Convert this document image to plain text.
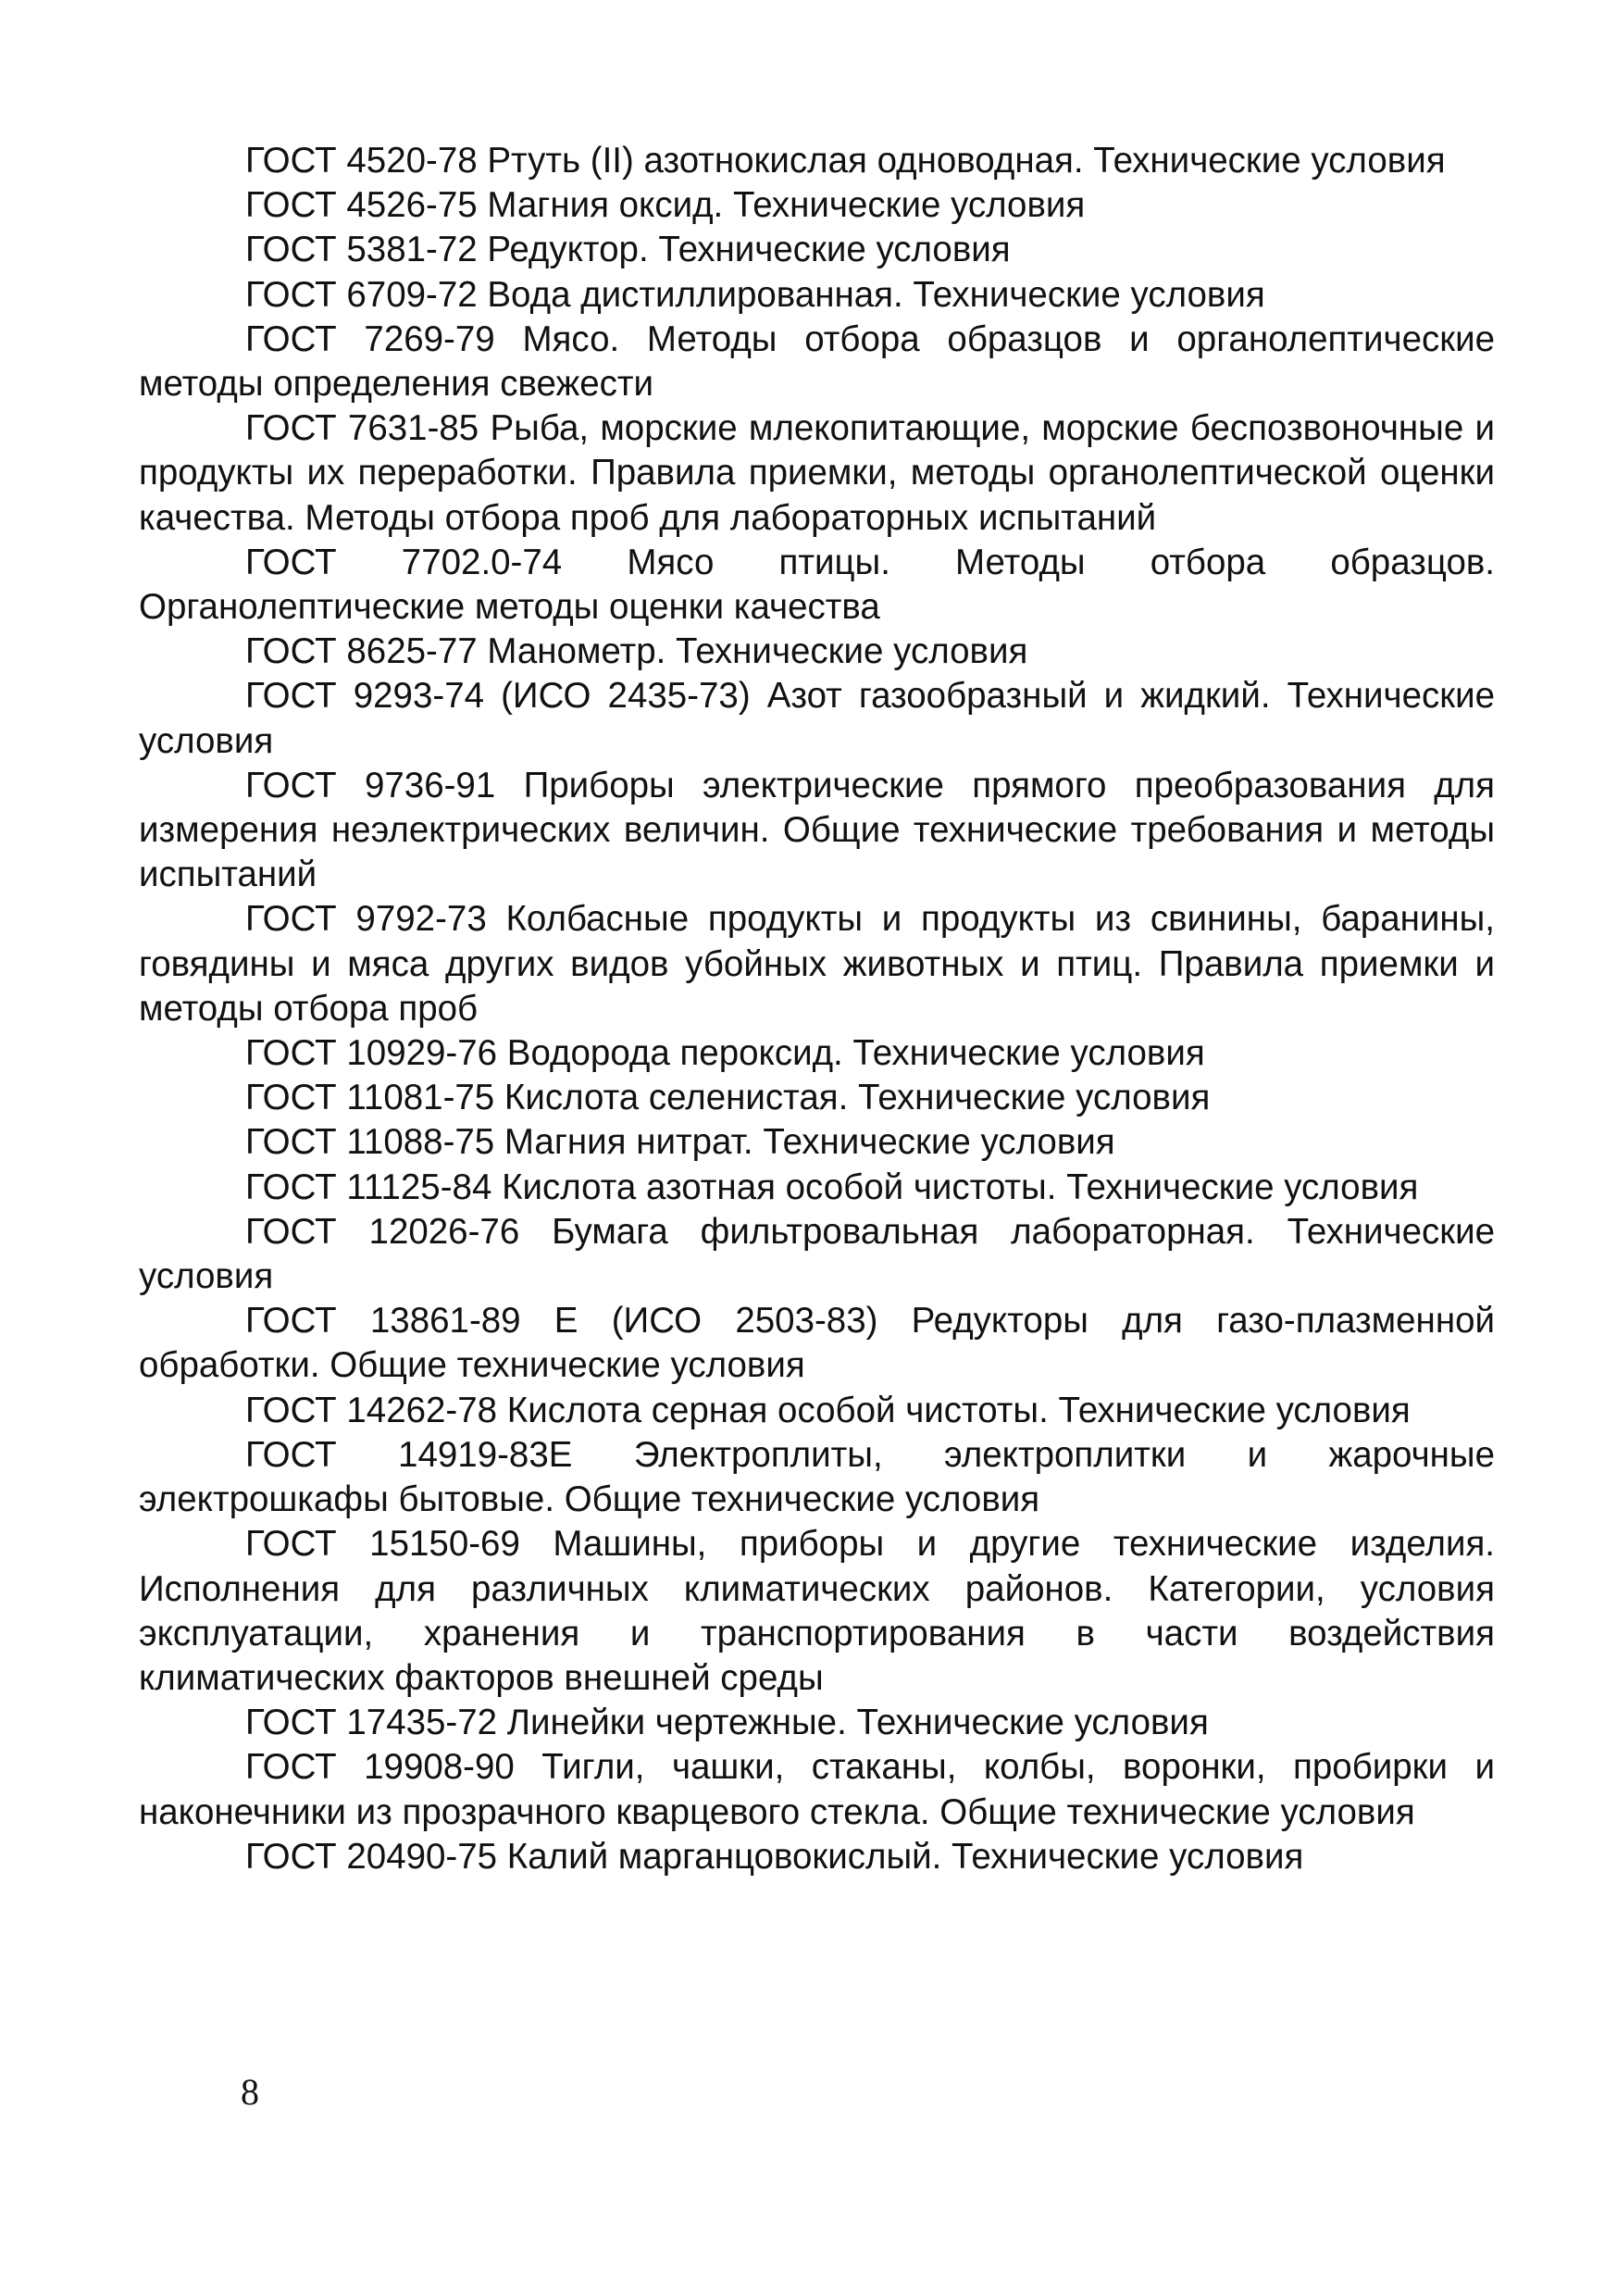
ГОСТ 4520-78 Ртуть (II) азотнокислая одноводная. Технические условия

ГОСТ 4526-75 Магния оксид. Технические условия

ГОСТ 5381-72 Редуктор. Технические условия

ГОСТ 6709-72 Вода дистиллированная. Технические условия

ГОСТ 7269-79 Мясо. Методы отбора образцов и органолептические методы определения свежести

ГОСТ 7631-85 Рыба, морские млекопитающие, морские беспозвоночные и продукты их переработки. Правила приемки, методы органолептической оценки качества. Методы отбора проб для лабораторных испытаний

ГОСТ 7702.0-74 Мясо птицы. Методы отбора образцов. Органолептические методы оценки качества

ГОСТ 8625-77 Манометр. Технические условия

ГОСТ 9293-74 (ИСО 2435-73) Азот газообразный и жидкий. Технические условия

ГОСТ 9736-91 Приборы электрические прямого преобразования для измерения неэлектрических величин. Общие технические требования и методы испытаний

ГОСТ 9792-73 Колбасные продукты и продукты из свинины, баранины, говядины и мяса других видов убойных животных и птиц. Правила приемки и методы отбора проб

ГОСТ 10929-76 Водорода пероксид. Технические условия

ГОСТ 11081-75 Кислота селенистая. Технические условия

ГОСТ 11088-75 Магния нитрат. Технические условия

ГОСТ 11125-84 Кислота азотная особой чистоты. Технические условия

ГОСТ 12026-76 Бумага фильтровальная лабораторная. Технические условия

ГОСТ 13861-89 Е (ИСО 2503-83) Редукторы для газо-плазменной обработки. Общие технические условия

ГОСТ 14262-78 Кислота серная особой чистоты. Технические условия

ГОСТ 14919-83Е Электроплиты, электроплитки и жарочные электрошкафы бытовые. Общие технические условия

ГОСТ 15150-69 Машины, приборы и другие технические изделия. Исполнения для различных климатических районов. Категории, условия эксплуатации, хранения и транспортирования в части воздействия климатических факторов внешней среды

ГОСТ 17435-72 Линейки чертежные. Технические условия

ГОСТ 19908-90 Тигли, чашки, стаканы, колбы, воронки, пробирки и наконечники из прозрачного кварцевого стекла. Общие технические условия

ГОСТ 20490-75 Калий марганцовокислый. Технические условия

8
